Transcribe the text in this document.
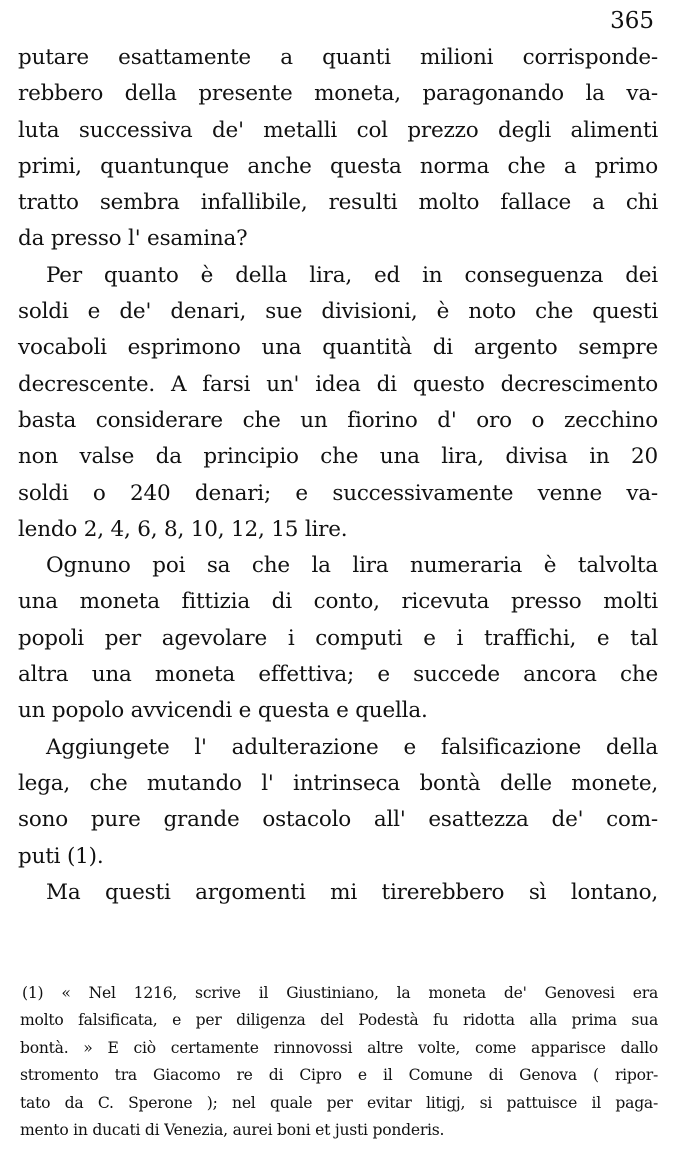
365
putare esattamente a quanti milioni corrisponde-
rebbero della presente moneta, paragonando la va-
luta successiva de' metalli col prezzo degli alimenti
primi, quantunque anche questa norma che a primo
tratto sembra infallibile, resulti molto fallace a chi
da presso l' esamina?
Per quanto è della lira, ed in conseguenza dei
soldi e de' denari, sue divisioni, è noto che questi
vocaboli esprimono una quantità di argento sempre
decrescente. A farsi un' idea di questo decrescimento
basta considerare che un fiorino d' oro o zecchino
non valse da principio che una lira, divisa in 20
soldi o 240 denari; e successivamente venne va-
lendo 2, 4, 6, 8, 10, 12, 15 lire.
Ognuno poi sa che la lira numeraria è talvolta
una moneta fittizia di conto, ricevuta presso molti
popoli per agevolare i computi e i traffichi, e tal
altra una moneta effettiva; e succede ancora che
un popolo avvicendi e questa e quella.
Aggiungete l' adulterazione e falsificazione della
lega, che mutando l' intrinseca bontà delle monete,
sono pure grande ostacolo all' esattezza de' com-
puti (1).
Ma questi argomenti mi tirerebbero sì lontano,
(1) « Nel 1216, scrive il Giustiniano, la moneta de' Genovesi era
molto falsificata, e per diligenza del Podestà fu ridotta alla prima sua
bontà. » E ciò certamente rinnovossi altre volte, come apparisce dallo
stromento tra Giacomo re di Cipro e il Comune di Genova ( ripor-
tato da C. Sperone ); nel quale per evitar litigj, si pattuisce il paga-
mento in ducati di Venezia, aurei boni et justi ponderis.
